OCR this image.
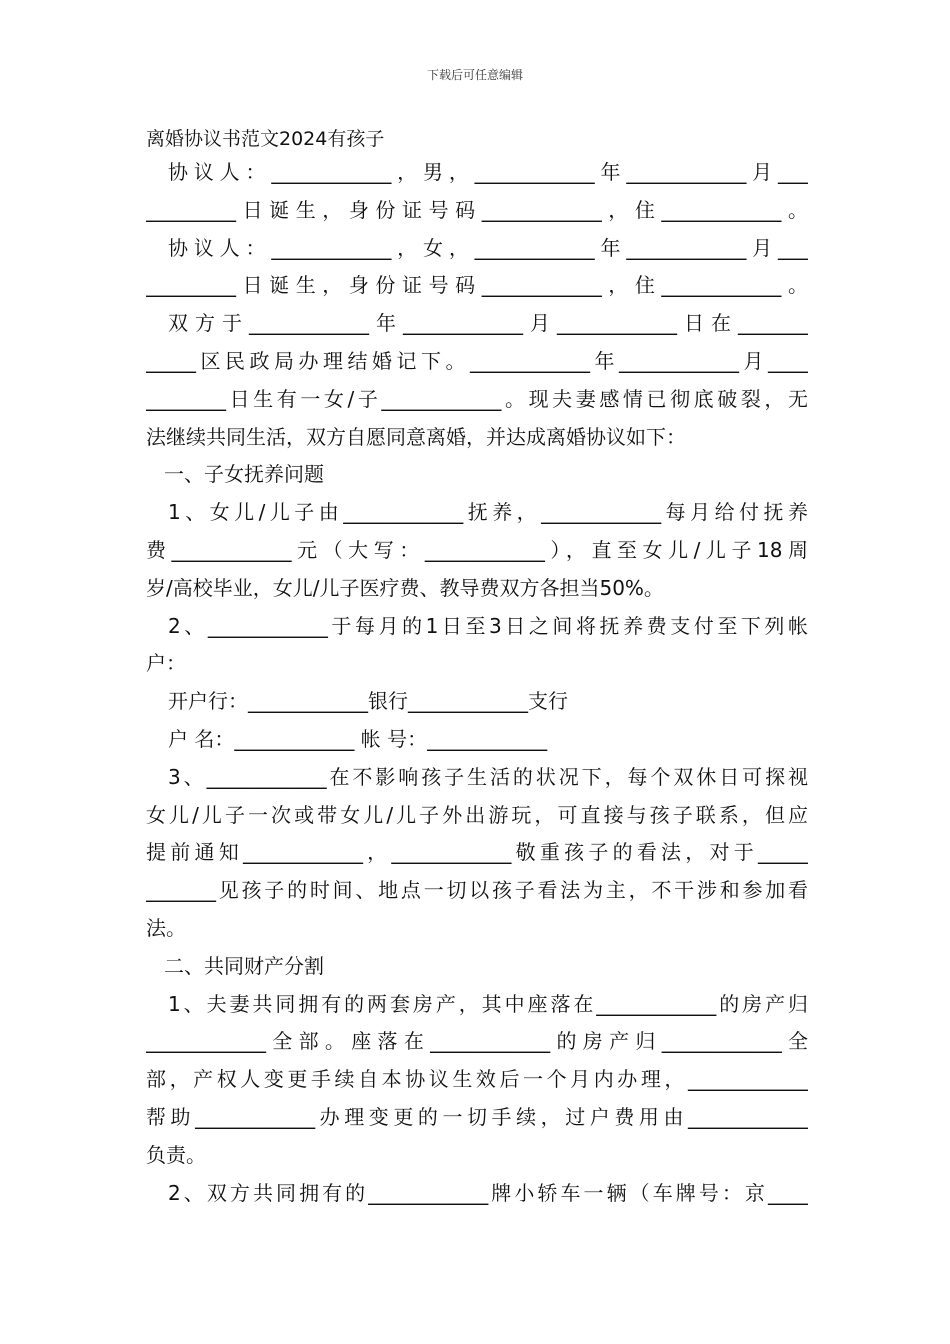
下载后可任意编辑
离婚协议书范文2024有孩子
协议人：____________，男，____________年____________月___
_________日诞生，身份证号码____________，住____________。
协议人：____________，女，____________年____________月___
_________日诞生，身份证号码____________，住____________。
双方于____________年____________月____________日在_______
_____区民政局办理结婚记下。____________年____________月____
________日生有一女/子____________。现夫妻感情已彻底破裂，无
法继续共同生活，双方自愿同意离婚，并达成离婚协议如下：
一、子女抚养问题
1、女儿/儿子由____________抚养，____________每月给付抚养
费____________元（大写：____________），直至女儿/儿子18周
岁/高校毕业，女儿/儿子医疗费、教导费双方各担当50%。
2、____________于每月的1日至3日之间将抚养费支付至下列帐
户：
开户行：____________银行____________支行
户 名：____________ 帐 号：____________
3、____________在不影响孩子生活的状况下，每个双休日可探视
女儿/儿子一次或带女儿/儿子外出游玩，可直接与孩子联系，但应
提前通知____________，____________敬重孩子的看法，对于_____
_______见孩子的时间、地点一切以孩子看法为主，不干涉和参加看
法。
二、共同财产分割
1、夫妻共同拥有的两套房产，其中座落在____________的房产归
____________全部。座落在____________的房产归____________全
部，产权人变更手续自本协议生效后一个月内办理，____________
帮助____________办理变更的一切手续，过户费用由____________
负责。
2、双方共同拥有的____________牌小轿车一辆（车牌号：京____
